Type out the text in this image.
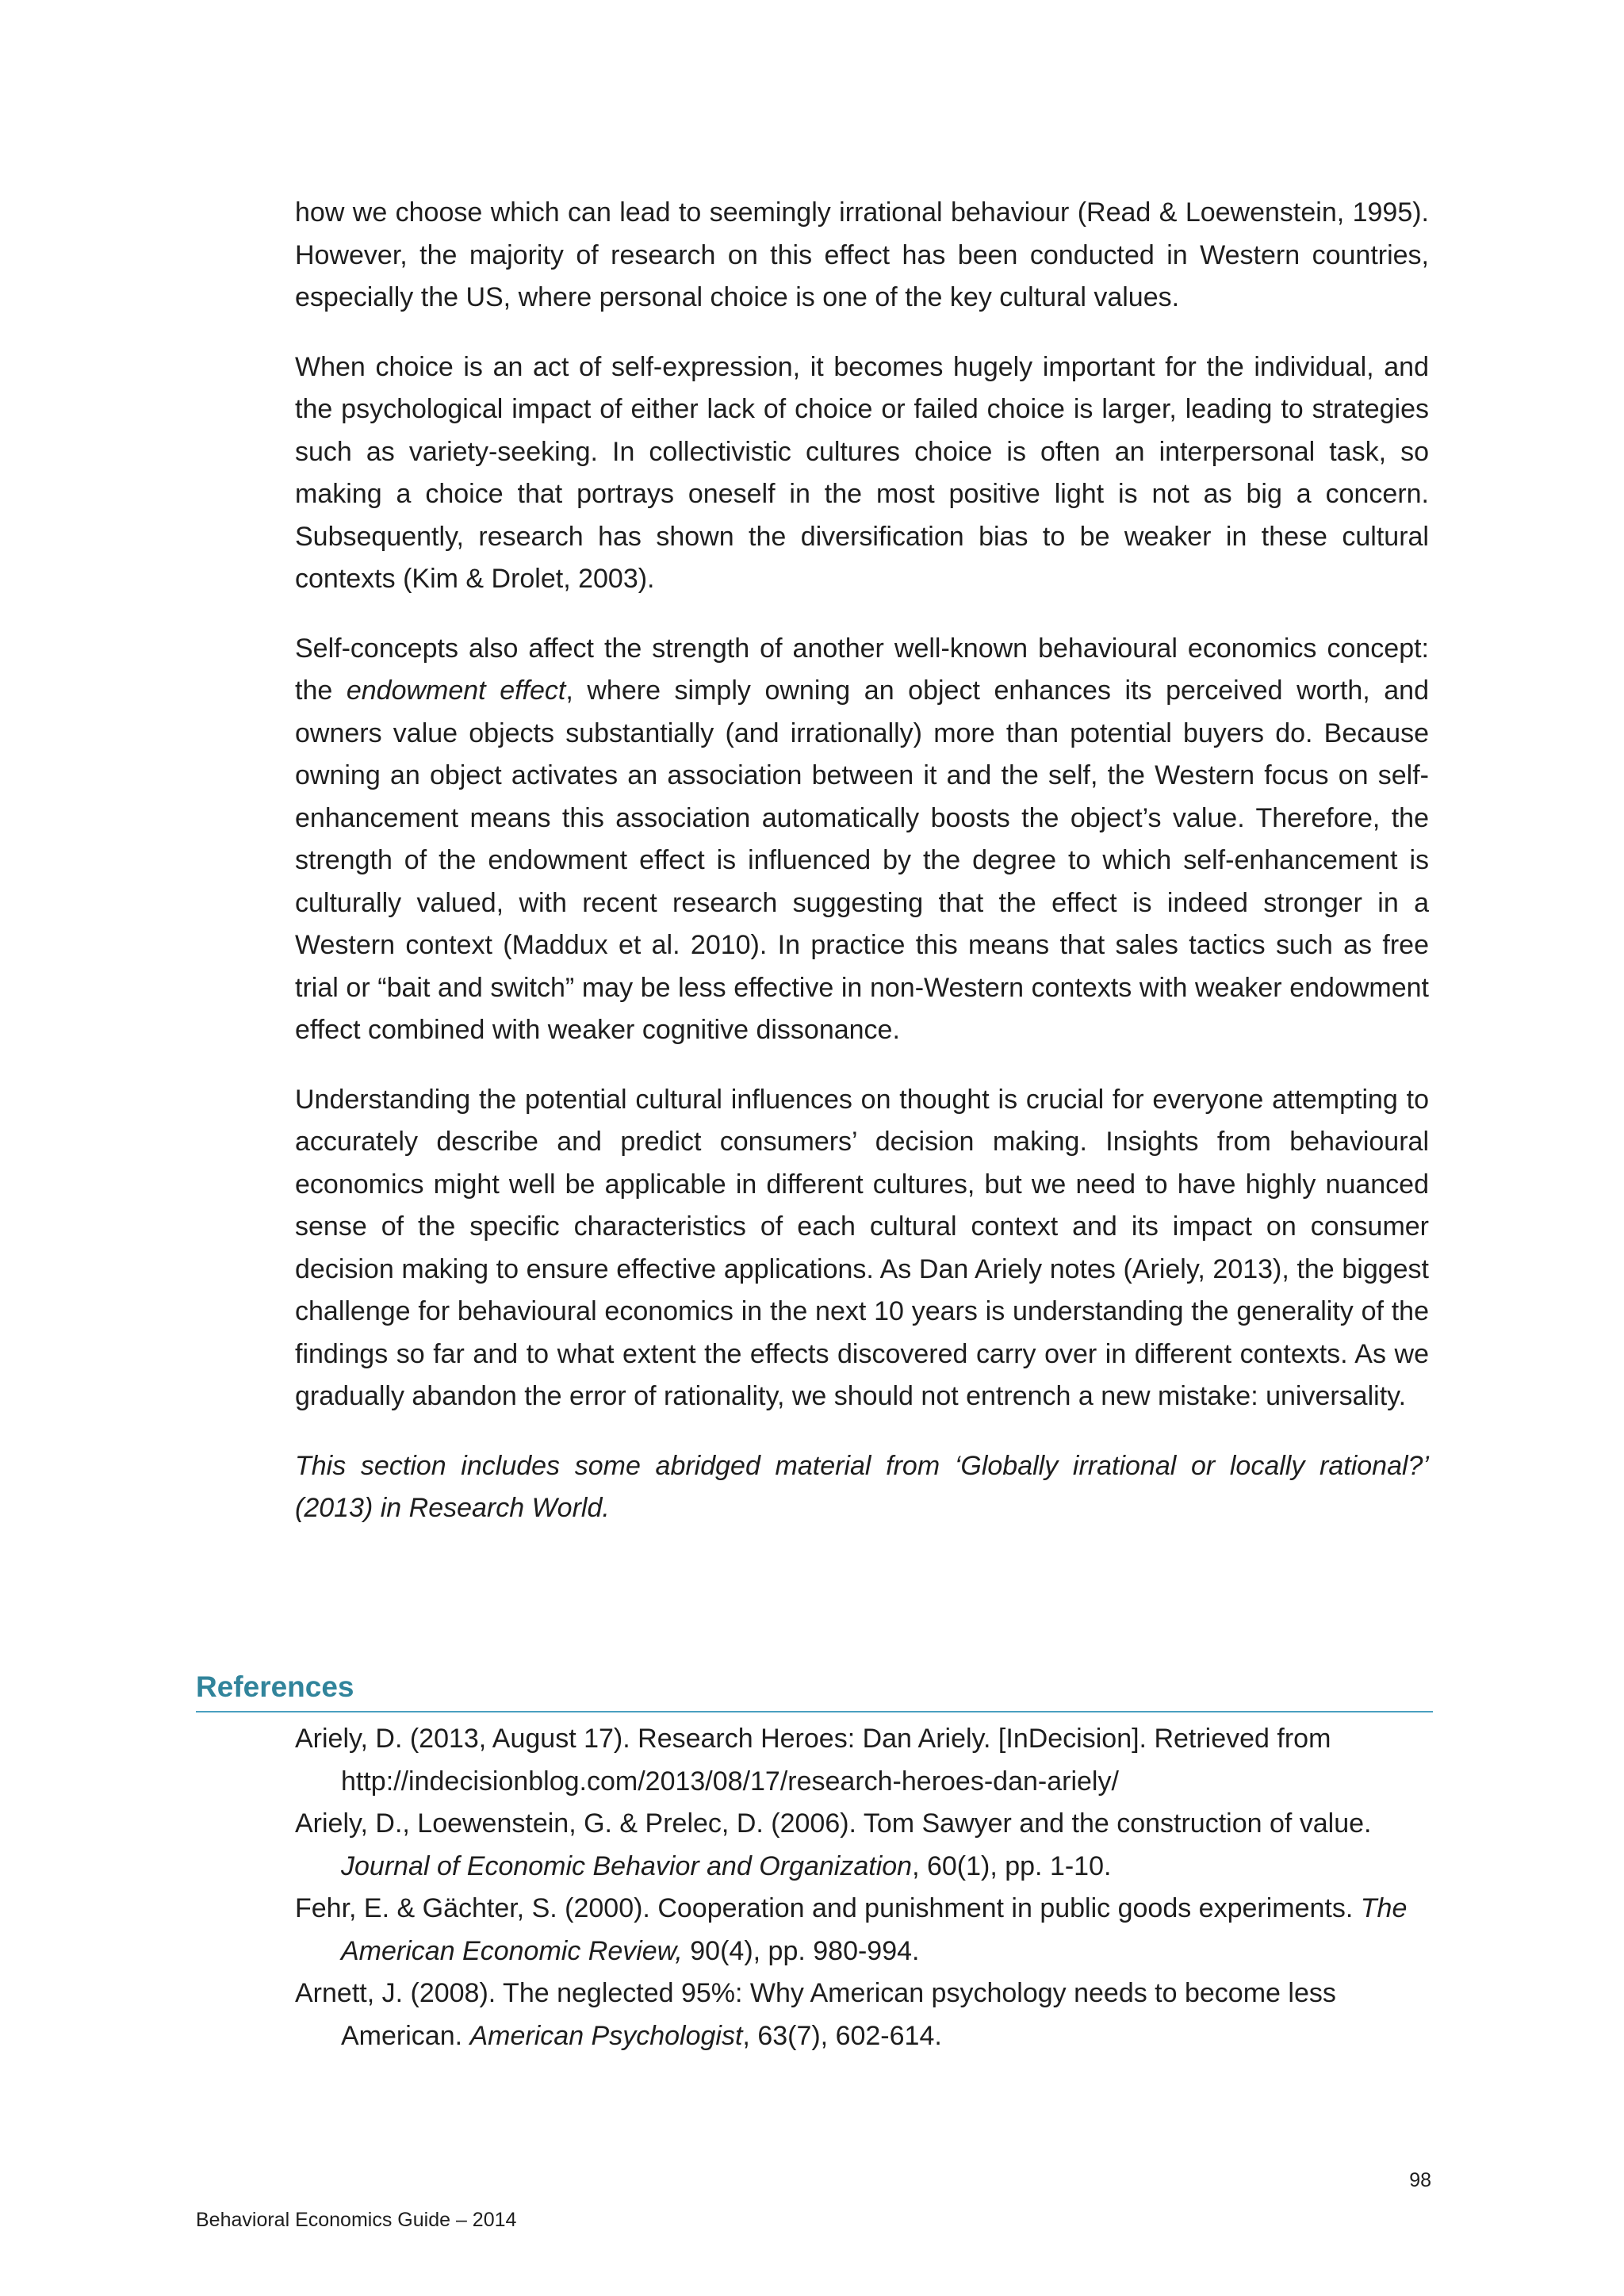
how we choose which can lead to seemingly irrational behaviour (Read & Loewenstein, 1995). However, the majority of research on this effect has been conducted in Western countries, especially the US, where personal choice is one of the key cultural values.

When choice is an act of self-expression, it becomes hugely important for the individual, and the psychological impact of either lack of choice or failed choice is larger, leading to strategies such as variety-seeking. In collectivistic cultures choice is often an interpersonal task, so making a choice that portrays oneself in the most positive light is not as big a concern. Subsequently, research has shown the diversification bias to be weaker in these cultural contexts (Kim & Drolet, 2003).

Self-concepts also affect the strength of another well-known behavioural economics concept: the endowment effect, where simply owning an object enhances its perceived worth, and owners value objects substantially (and irrationally) more than potential buyers do. Because owning an object activates an association between it and the self, the Western focus on self-enhancement means this association automatically boosts the object’s value. Therefore, the strength of the endowment effect is influenced by the degree to which self-enhancement is culturally valued, with recent research suggesting that the effect is indeed stronger in a Western context (Maddux et al. 2010). In practice this means that sales tactics such as free trial or “bait and switch” may be less effective in non-Western contexts with weaker endowment effect combined with weaker cognitive dissonance.

Understanding the potential cultural influences on thought is crucial for everyone attempting to accurately describe and predict consumers’ decision making. Insights from behavioural economics might well be applicable in different cultures, but we need to have highly nuanced sense of the specific characteristics of each cultural context and its impact on consumer decision making to ensure effective applications. As Dan Ariely notes (Ariely, 2013), the biggest challenge for behavioural economics in the next 10 years is understanding the generality of the findings so far and to what extent the effects discovered carry over in different contexts. As we gradually abandon the error of rationality, we should not entrench a new mistake: universality.

This section includes some abridged material from ‘Globally irrational or locally rational?’ (2013) in Research World.

References
Ariely, D. (2013, August 17). Research Heroes: Dan Ariely. [InDecision]. Retrieved from http://indecisionblog.com/2013/08/17/research-heroes-dan-ariely/
Ariely, D., Loewenstein, G. & Prelec, D. (2006). Tom Sawyer and the construction of value. Journal of Economic Behavior and Organization, 60(1), pp. 1-10.
Fehr, E. & Gächter, S. (2000). Cooperation and punishment in public goods experiments. The American Economic Review, 90(4), pp. 980-994.
Arnett, J. (2008). The neglected 95%: Why American psychology needs to become less American. American Psychologist, 63(7), 602-614.
98
Behavioral Economics Guide – 2014
